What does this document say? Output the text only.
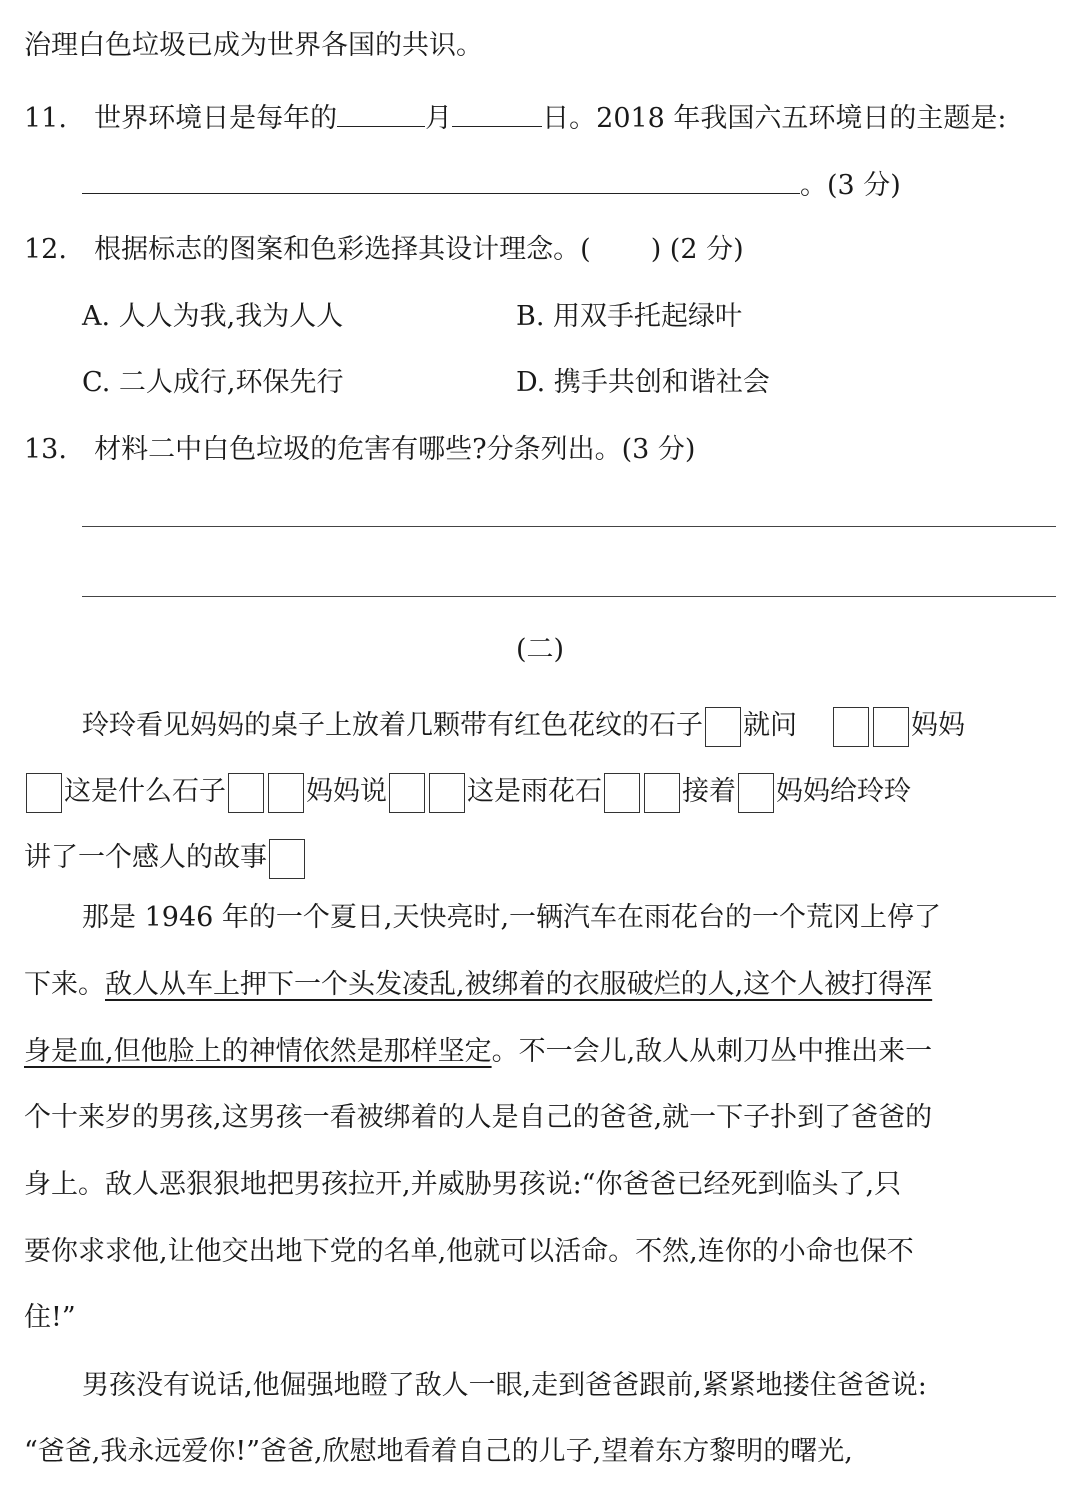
治理白色垃圾已成为世界各国的共识。
11. 世界环境日是每年的	月	日。2018 年我国六五环境日的主题是:
。(3 分)
12. 根据标志的图案和色彩选择其设计理念。( ) (2 分)
A. 人人为我,我为人人	B. 用双手托起绿叶
C. 二人成行,环保先行	D. 携手共创和谐社会
13. 材料二中白色垃圾的危害有哪些?分条列出。(3 分)
(二)
玲玲看见妈妈的桌子上放着几颗带有红色花纹的石子 就问	妈妈
这是什么石子	妈妈说	这是雨花石	接着 妈妈给玲玲
讲了一个感人的故事
那是 1946 年的一个夏日,天快亮时,一辆汽车在雨花台的一个荒冈上停了
下来。敌人从车上押下一个头发凌乱,被绑着的衣服破烂的人,这个人被打得浑
身是血,但他脸上的神情依然是那样坚定。不一会儿,敌人从刺刀丛中推出来一
个十来岁的男孩,这男孩一看被绑着的人是自己的爸爸,就一下子扑到了爸爸的
身上。敌人恶狠狠地把男孩拉开,并威胁男孩说:“你爸爸已经死到临头了,只
要你求求他,让他交出地下党的名单,他就可以活命。不然,连你的小命也保不
住!”
男孩没有说话,他倔强地瞪了敌人一眼,走到爸爸跟前,紧紧地搂住爸爸说:
“爸爸,我永远爱你!”爸爸,欣慰地看着自己的儿子,望着东方黎明的曙光,
